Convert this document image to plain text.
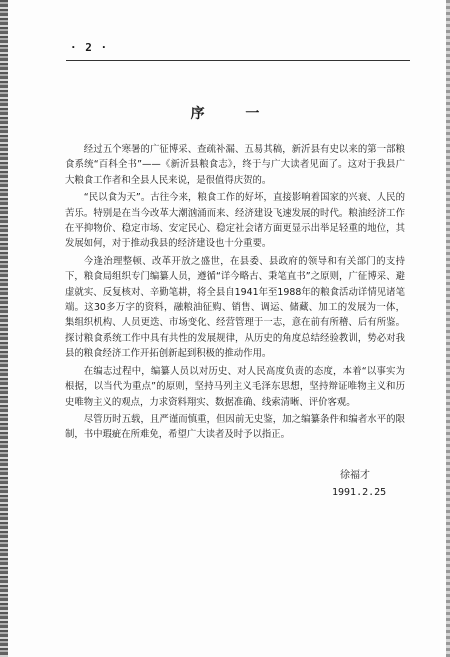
· 2 ·
序 一

经过五个寒暑的广征博采、查疏补漏、五易其稿，新沂县有史以来的第一部粮食系统“百科全书”——《新沂县粮食志》，终于与广大读者见面了。这对于我县广大粮食工作者和全县人民来说，是很值得庆贺的。

“民以食为天”。古往今来，粮食工作的好坏，直接影响着国家的兴衰、人民的苦乐。特别是在当今改革大潮汹涌而来、经济建设飞速发展的时代。粮油经济工作在平抑物价、稳定市场、安定民心、稳定社会诸方面更显示出举足轻重的地位，其发展如何，对于推动我县的经济建设也十分重要。

今逢治理整顿、改革开放之盛世，在县委、县政府的领导和有关部门的支持下，粮食局组织专门编纂人员，遵循“详今略古、秉笔直书”之原则，广征博采、避虚就实、反复核对、辛勤笔耕，将全县自1941年至1988年的粮食活动详情见诸笔端。这30多万字的资料，融粮油征购、销售、调运、储藏、加工的发展为一体，集组织机构、人员更迭、市场变化、经营管理于一志，意在前有所稽、后有所鉴。探讨粮食系统工作中具有共性的发展规律，从历史的角度总结经验教训，势必对我县的粮食经济工作开拓创新起到积极的推动作用。

在编志过程中，编纂人员以对历史、对人民高度负责的态度，本着“以事实为根据，以当代为重点”的原则，坚持马列主义毛泽东思想，坚持辩证唯物主义和历史唯物主义的观点，力求资料翔实、数据准确、线索清晰、评价客观。

尽管历时五载，且严谨而慎重，但因前无史鉴，加之编纂条件和编者水平的限制，书中瑕疵在所难免，希望广大读者及时予以指正。

徐福才
1991.2.25
